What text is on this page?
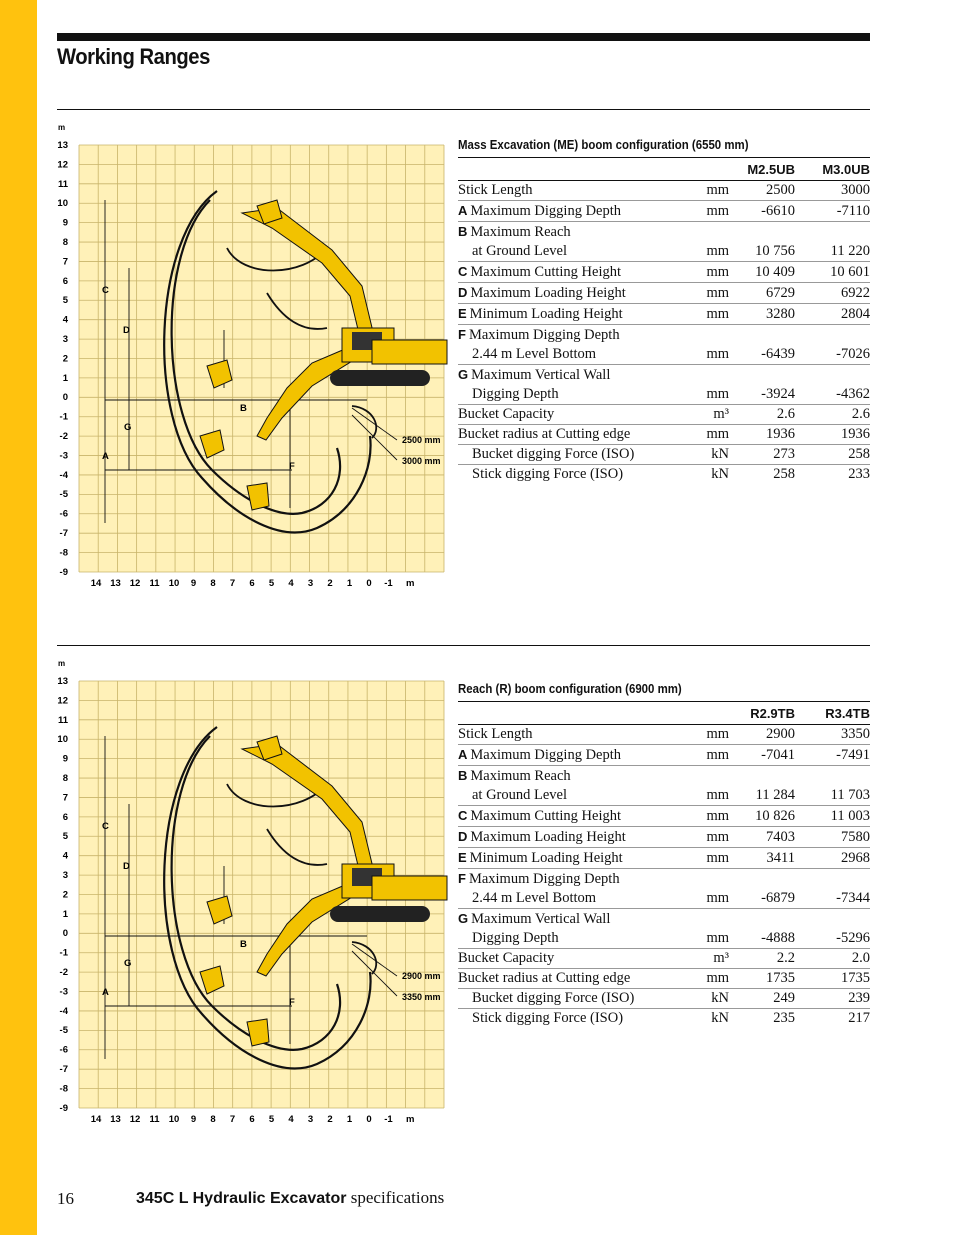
Working Ranges
m
13
12
11
10
9
8
7
6
5
4
3
2
1
0
-1
-2
-3
-4
-5
-6
-7
-8
-9
14 13 12 11 10 9 8 7 6 5 4 3 2 1 0 -1 m
C
D
B
G
A
F
2500 mm
3000 mm
m
13
12
11
10
9
8
7
6
5
4
3
2
1
0
-1
-2
-3
-4
-5
-6
-7
-8
-9
14 13 12 11 10 9 8 7 6 5 4 3 2 1 0 -1 m
C
D
B
G
A
F
2900 mm
3350 mm
Mass Excavation (ME) boom configuration (6550 mm)
		M2.5UB	M3.0UB
Stick Length	mm	2500	3000
A Maximum Digging Depth	mm	-6610	-7110
B Maximum Reach
at Ground Level	mm	10 756	11 220
C Maximum Cutting Height	mm	10 409	10 601
D Maximum Loading Height	mm	6729	6922
E Minimum Loading Height	mm	3280	2804
F Maximum Digging Depth
2.44 m Level Bottom	mm	-6439	-7026
G Maximum Vertical Wall
Digging Depth	mm	-3924	-4362
Bucket Capacity	m³	2.6	2.6
Bucket radius at Cutting edge	mm	1936	1936
Bucket digging Force (ISO)	kN	273	258
Stick digging Force (ISO)	kN	258	233
Reach (R) boom configuration (6900 mm)
		R2.9TB	R3.4TB
Stick Length	mm	2900	3350
A Maximum Digging Depth	mm	-7041	-7491
B Maximum Reach
at Ground Level	mm	11 284	11 703
C Maximum Cutting Height	mm	10 826	11 003
D Maximum Loading Height	mm	7403	7580
E Minimum Loading Height	mm	3411	2968
F Maximum Digging Depth
2.44 m Level Bottom	mm	-6879	-7344
G Maximum Vertical Wall
Digging Depth	mm	-4888	-5296
Bucket Capacity	m³	2.2	2.0
Bucket radius at Cutting edge	mm	1735	1735
Bucket digging Force (ISO)	kN	249	239
Stick digging Force (ISO)	kN	235	217
16	345C L Hydraulic Excavator specifications
